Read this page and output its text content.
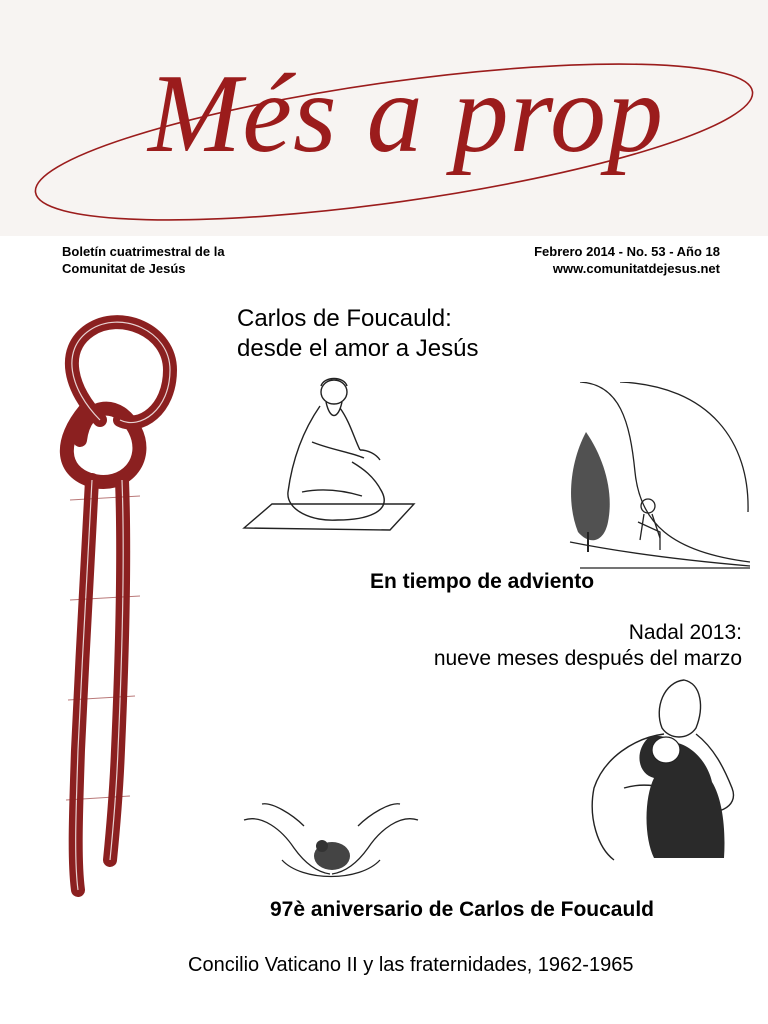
Més a prop
Boletín cuatrimestral de la
Comunitat de Jesús
Febrero 2014 - No. 53 - Año 18
www.comunitatdejesus.net
Carlos de Foucauld:
desde el amor a Jesús
En tiempo de adviento
Nadal 2013:
nueve meses después del marzo
97è aniversario de Carlos de Foucauld
Concilio Vaticano II y las fraternidades, 1962-1965
